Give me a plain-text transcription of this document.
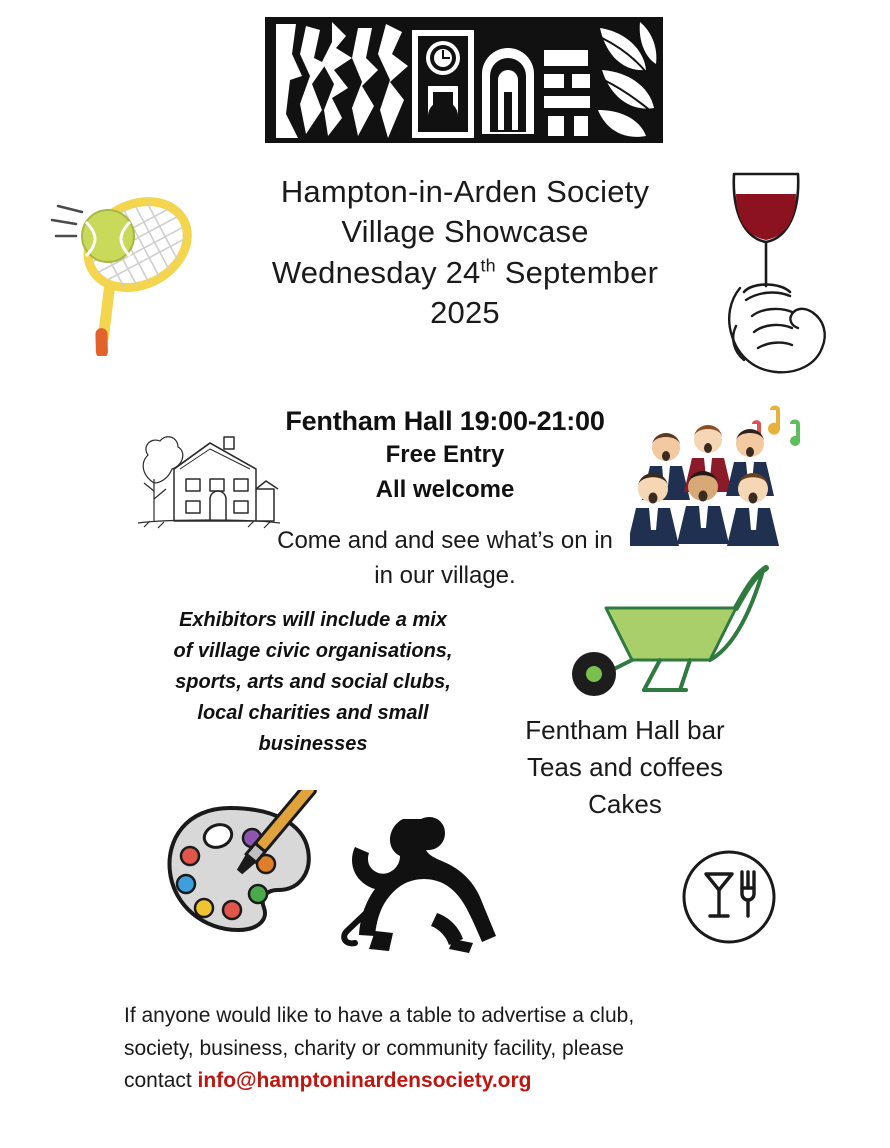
Hampton-in-Arden Society
Village Showcase
Wednesday 24th September
2025
Fentham Hall 19:00-21:00
Free Entry
All welcome
Come and and see what’s on in
in our village.
Exhibitors will include a mix
of village civic organisations,
sports, arts and social clubs,
local charities and small
businesses	Fentham Hall bar
Teas and coffees
Cakes
If anyone would like to have a table to advertise a club,
society, business, charity or community facility, please
contact info@hamptoninardensociety.org
